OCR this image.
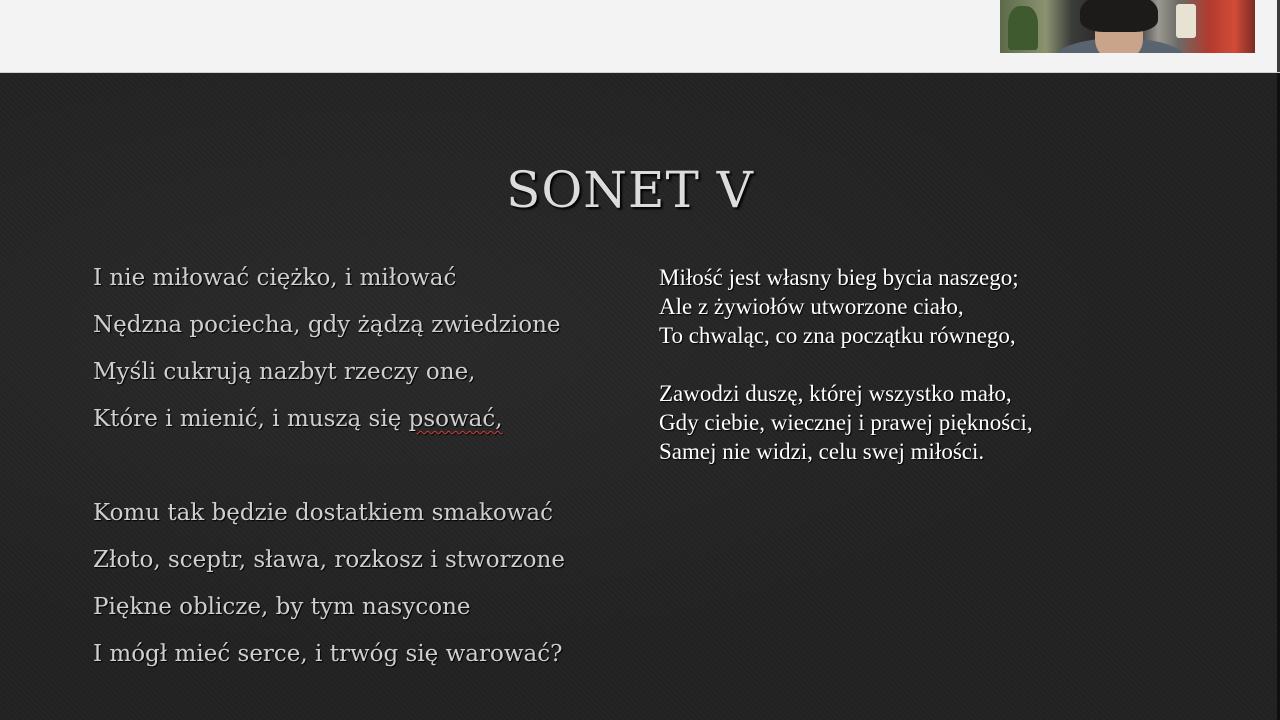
SONET V
I nie miłować ciężko, i miłować
Nędzna pociecha, gdy żądzą zwiedzione
Myśli cukrują nazbyt rzeczy one,
Które i mienić, i muszą się psować,
Komu tak będzie dostatkiem smakować
Złoto, sceptr, sława, rozkosz i stworzone
Piękne oblicze, by tym nasycone
I mógł mieć serce, i trwóg się warować?
Miłość jest własny bieg bycia naszego;
Ale z żywiołów utworzone ciało,
To chwaląc, co zna początku równego,
Zawodzi duszę, której wszystko mało,
Gdy ciebie, wiecznej i prawej piękności,
Samej nie widzi, celu swej miłości.
